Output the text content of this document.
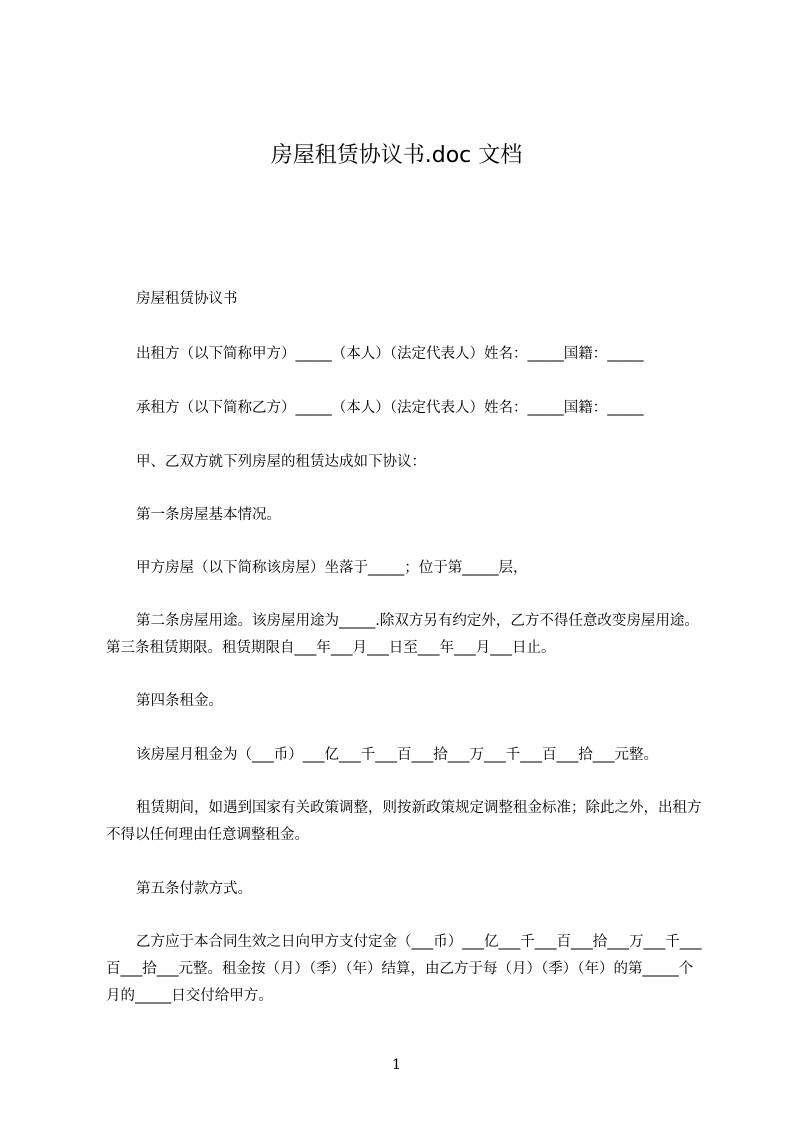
房屋租赁协议书.doc 文档

房屋租赁协议书

出租方（以下简称甲方）_____（本人）（法定代表人）姓名：_____国籍：_____

承租方（以下简称乙方）_____（本人）（法定代表人）姓名：_____国籍：_____

甲、乙双方就下列房屋的租赁达成如下协议：

第一条房屋基本情况。

甲方房屋（以下简称该房屋）坐落于_____；位于第_____层，

第二条房屋用途。该房屋用途为_____.除双方另有约定外，乙方不得任意改变房屋用途。第三条租赁期限。租赁期限自___年___月___日至___年___月___日止。

第四条租金。

该房屋月租金为（___币）___亿___千___百___拾___万___千___百___拾___元整。

租赁期间，如遇到国家有关政策调整，则按新政策规定调整租金标准；除此之外，出租方不得以任何理由任意调整租金。

第五条付款方式。

乙方应于本合同生效之日向甲方支付定金（___币）___亿___千___百___拾___万___千___百___拾___元整。租金按（月）（季）（年）结算，由乙方于每（月）（季）（年）的第_____个月的_____日交付给甲方。

1
